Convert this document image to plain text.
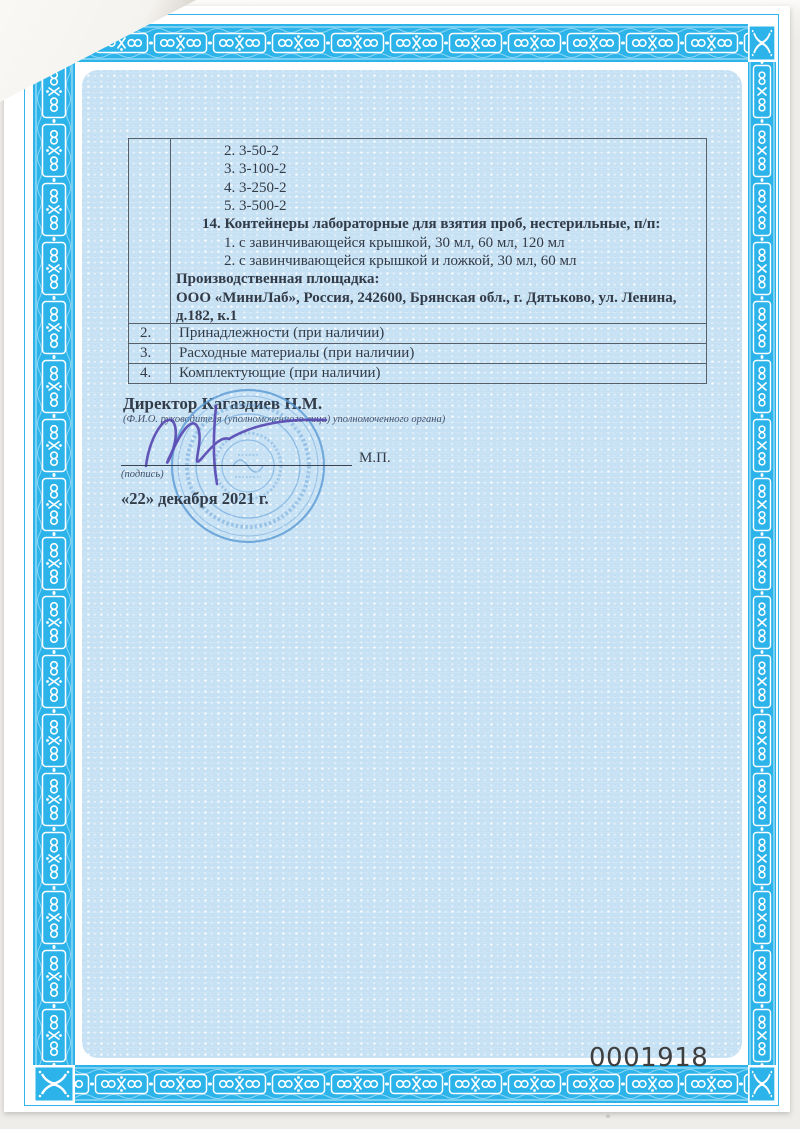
2. 3-50-2
3. 3-100-2
4. 3-250-2
5. 3-500-2
14. Контейнеры лабораторные для взятия проб, нестерильные, п/п:
1. с завинчивающейся крышкой, 30 мл, 60 мл, 120 мл
2. с завинчивающейся крышкой и ложкой, 30 мл, 60 мл
Производственная площадка:
ООО «МиниЛаб», Россия, 242600, Брянская обл., г. Дятьково, ул. Ленина,
д.182, к.1
2.	Принадлежности (при наличии)
3.	Расходные материалы (при наличии)
4.	Комплектующие (при наличии)
Директор Кагаздиев Н.М.
(Ф.И.О. руководителя (уполномоченного лица) уполномоченного органа)
М.П.
(подпись)
«22» декабря 2021 г.
0001918
